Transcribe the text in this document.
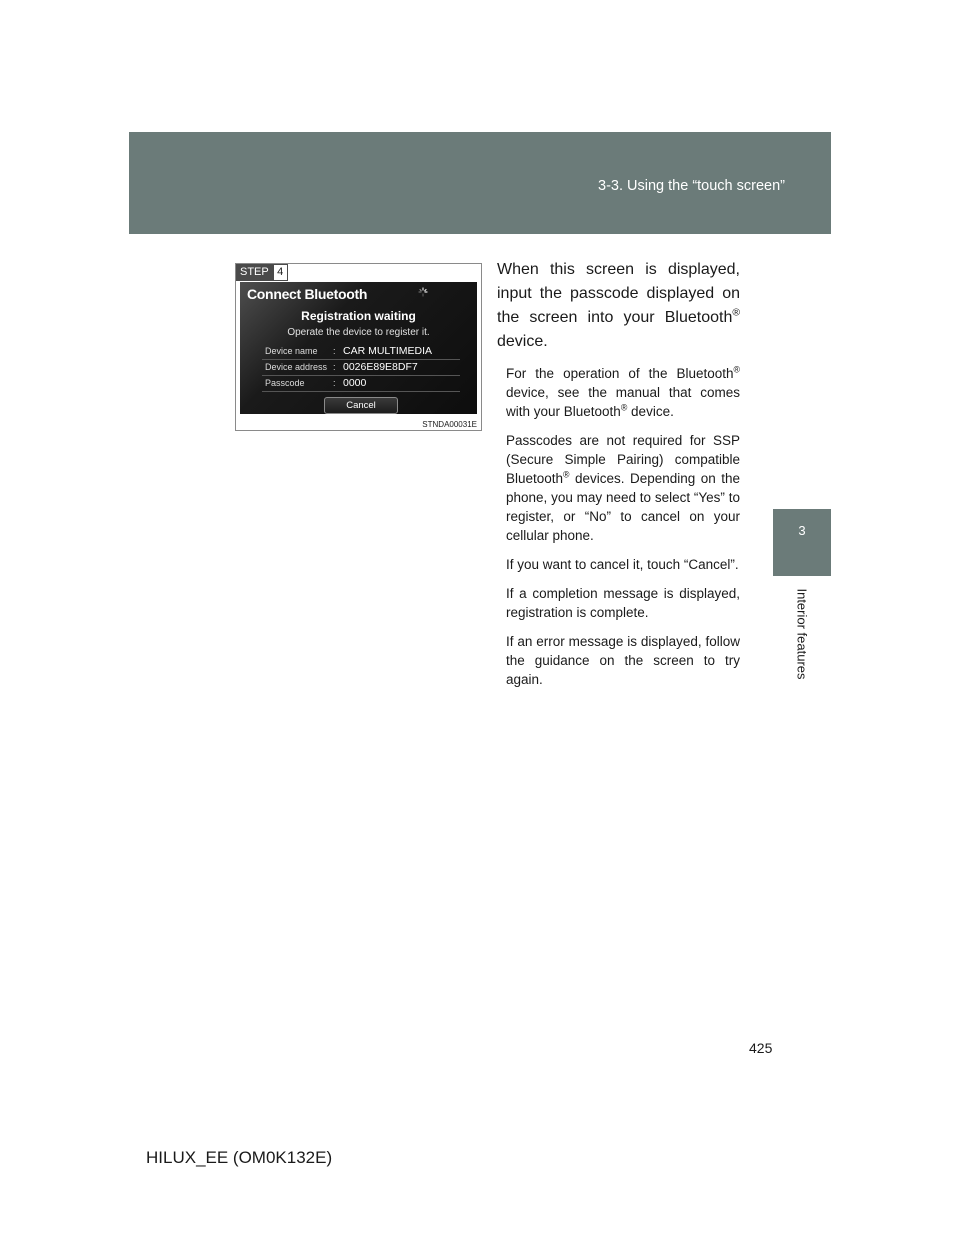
3-3. Using the “touch screen”
3
Interior features
STEP 4
Connect Bluetooth
Registration waiting
Operate the device to register it.
Device name : CAR MULTIMEDIA
Device address : 0026E89E8DF7
Passcode	: 0000
Cancel
STNDA00031E

When this screen is displayed, input the passcode displayed on the screen into your Bluetooth® device.

For the operation of the Bluetooth® device, see the manual that comes with your Bluetooth® device.

Passcodes are not required for SSP (Secure Simple Pairing) compatible Bluetooth® devices. Depending on the phone, you may need to select “Yes” to register, or “No” to cancel on your cellular phone.

If you want to cancel it, touch “Cancel”.

If a completion message is displayed, registration is complete.

If an error message is displayed, follow the guidance on the screen to try again.

425
HILUX_EE (OM0K132E)
